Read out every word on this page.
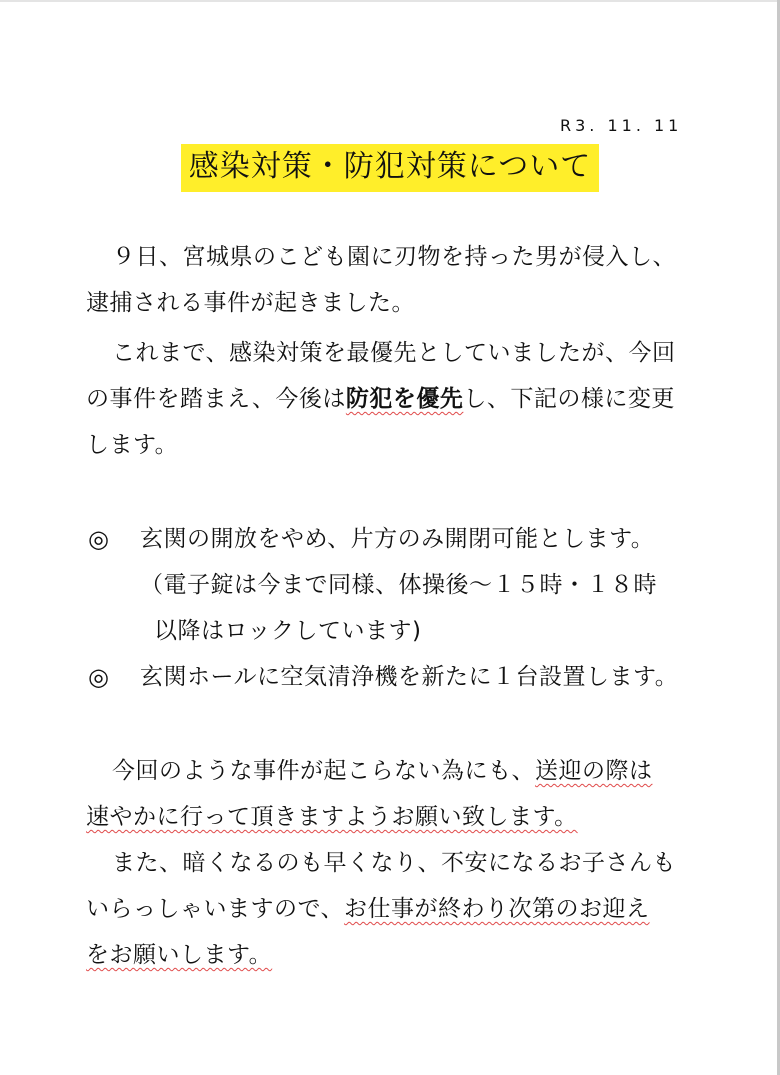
R3. 11. 11
感染対策・防犯対策について
９日、宮城県のこども園に刃物を持った男が侵入し、
逮捕される事件が起きました。
これまで、感染対策を最優先としていましたが、今回
の事件を踏まえ、今後は防犯を優先し、下記の様に変更
します。
◎ 玄関の開放をやめ、片方のみ開閉可能とします。
（電子錠は今まで同様、体操後～１５時・１８時
以降はロックしています)
◎ 玄関ホールに空気清浄機を新たに１台設置します。
今回のような事件が起こらない為にも、送迎の際は
速やかに行って頂きますようお願い致します。
また、暗くなるのも早くなり、不安になるお子さんも
いらっしゃいますので、お仕事が終わり次第のお迎え
をお願いします。
